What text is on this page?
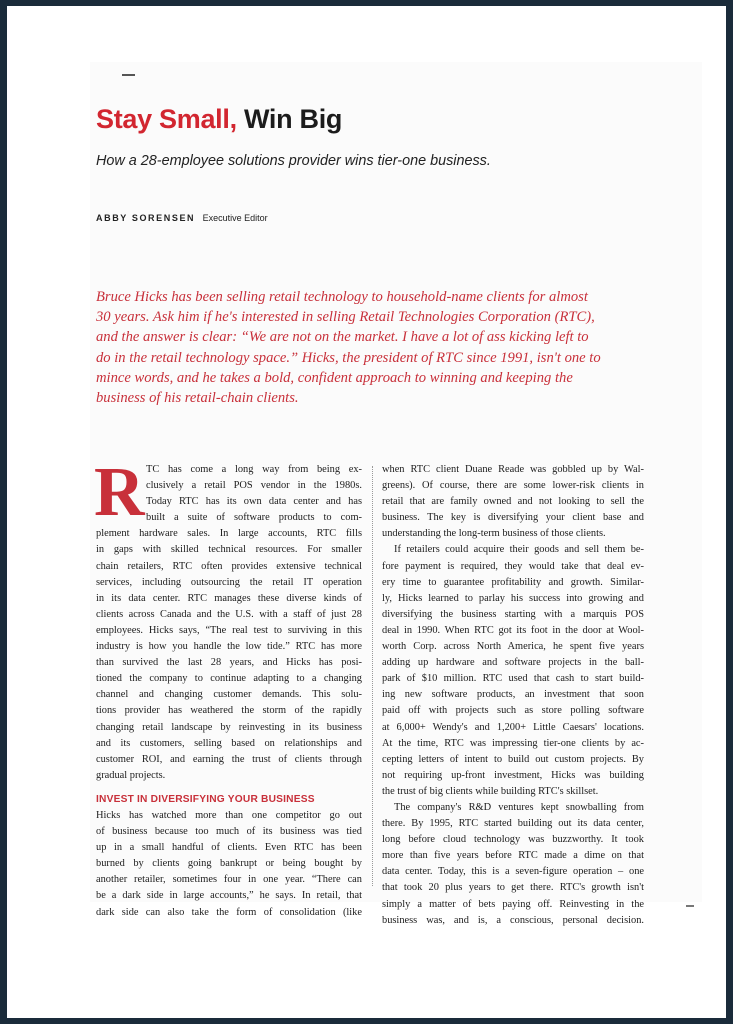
Stay Small, Win Big
How a 28-employee solutions provider wins tier-one business.
ABBY SORENSEN Executive Editor
Bruce Hicks has been selling retail technology to household-name clients for almost
30 years. Ask him if he's interested in selling Retail Technologies Corporation (RTC),
and the answer is clear: “We are not on the market. I have a lot of ass kicking left to
do in the retail technology space.” Hicks, the president of RTC since 1991, isn't one to
mince words, and he takes a bold, confident approach to winning and keeping the
business of his retail-chain clients.
R TC has come a long way from being ex-
clusively a retail POS vendor in the 1980s.
Today RTC has its own data center and has
built a suite of software products to com-
plement hardware sales. In large accounts, RTC fills
in gaps with skilled technical resources. For smaller
chain retailers, RTC often provides extensive technical
services, including outsourcing the retail IT operation
in its data center. RTC manages these diverse kinds of
clients across Canada and the U.S. with a staff of just 28
employees. Hicks says, “The real test to surviving in this
industry is how you handle the low tide.” RTC has more
than survived the last 28 years, and Hicks has posi-
tioned the company to continue adapting to a changing
channel and changing customer demands. This solu-
tions provider has weathered the storm of the rapidly
changing retail landscape by reinvesting in its business
and its customers, selling based on relationships and
customer ROI, and earning the trust of clients through
gradual projects.
INVEST IN DIVERSIFYING YOUR BUSINESS
Hicks has watched more than one competitor go out
of business because too much of its business was tied
up in a small handful of clients. Even RTC has been
burned by clients going bankrupt or being bought by
another retailer, sometimes four in one year. “There can
be a dark side in large accounts,” he says. In retail, that
dark side can also take the form of consolidation (like
when RTC client Duane Reade was gobbled up by Wal-
greens). Of course, there are some lower-risk clients in
retail that are family owned and not looking to sell the
business. The key is diversifying your client base and
understanding the long-term business of those clients.
If retailers could acquire their goods and sell them be-
fore payment is required, they would take that deal ev-
ery time to guarantee profitability and growth. Similar-
ly, Hicks learned to parlay his success into growing and
diversifying the business starting with a marquis POS
deal in 1990. When RTC got its foot in the door at Wool-
worth Corp. across North America, he spent five years
adding up hardware and software projects in the ball-
park of $10 million. RTC used that cash to start build-
ing new software products, an investment that soon
paid off with projects such as store polling software
at 6,000+ Wendy's and 1,200+ Little Caesars' locations.
At the time, RTC was impressing tier-one clients by ac-
cepting letters of intent to build out custom projects. By
not requiring up-front investment, Hicks was building
the trust of big clients while building RTC's skillset.
The company's R&D ventures kept snowballing from
there. By 1995, RTC started building out its data center,
long before cloud technology was buzzworthy. It took
more than five years before RTC made a dime on that
data center. Today, this is a seven-figure operation – one
that took 20 plus years to get there. RTC's growth isn't
simply a matter of bets paying off. Reinvesting in the
business was, and is, a conscious, personal decision.
